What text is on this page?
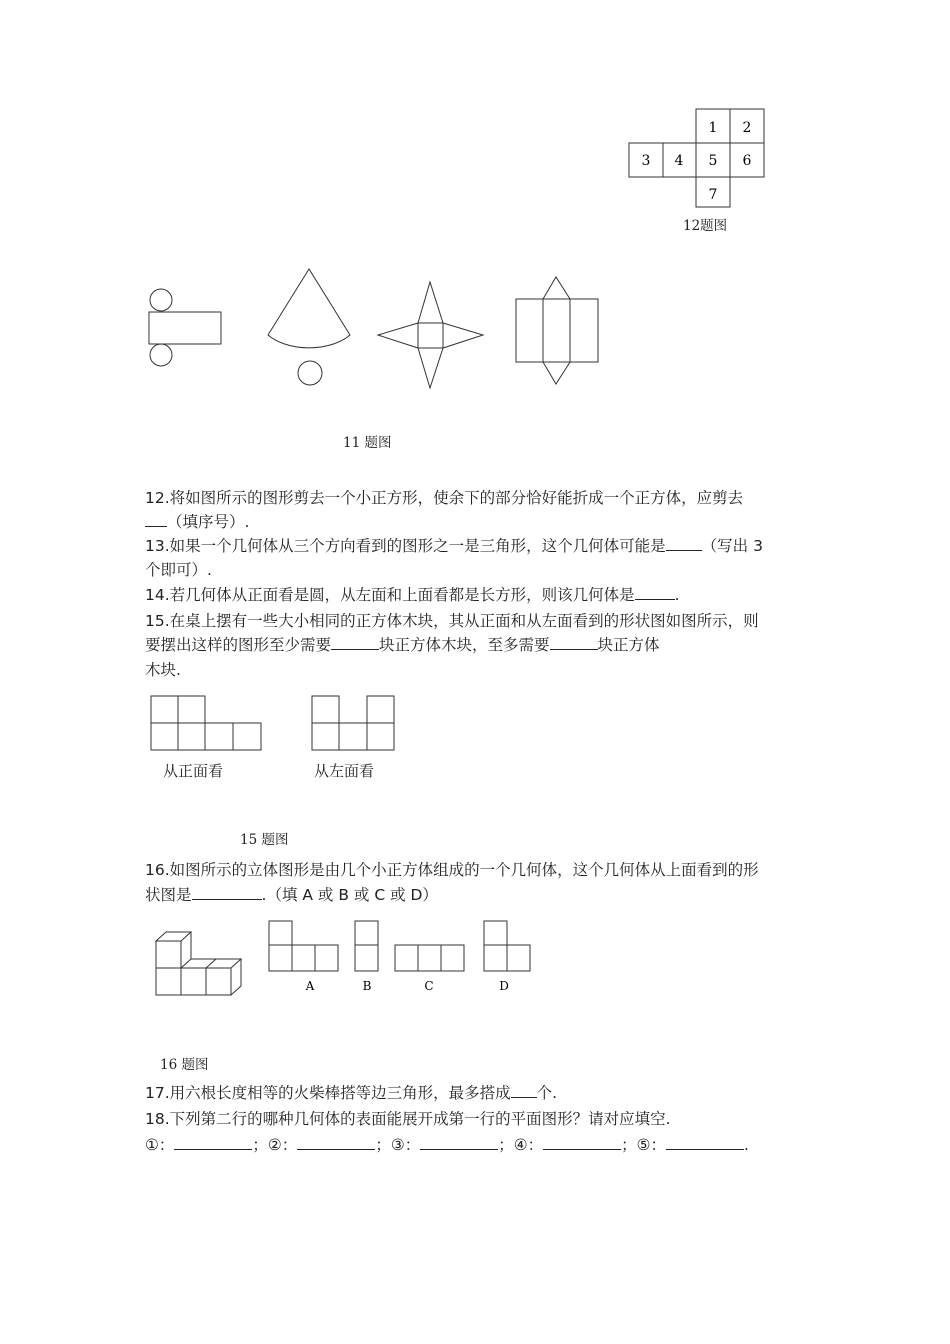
1 2
3 4 5 6
7
12题图
11 题图
12.将如图所示的图形剪去一个小正方形，使余下的部分恰好能折成一个正方体，应剪去
（填序号）.
13.如果一个几何体从三个方向看到的图形之一是三角形，这个几何体可能是 （写出 3
个即可）.
14.若几何体从正面看是圆，从左面和上面看都是长方形，则该几何体是	.
15.在桌上摆有一些大小相同的正方体木块，其从正面和从左面看到的形状图如图所示，则
要摆出这样的图形至少需要	块正方体木块，至多需要	块正方体
木块.
从正面看	从左面看
15 题图
16.如图所示的立体图形是由几个小正方体组成的一个几何体，这个几何体从上面看到的形
状图是	.（填 A 或 B 或 C 或 D）
A	B	C	D
16 题图
17.用六根长度相等的火柴棒搭等边三角形，最多搭成 个.
18.下列第二行的哪种几何体的表面能展开成第一行的平面图形？请对应填空.
①：	；②：	；③：	；④：	；⑤：	.
